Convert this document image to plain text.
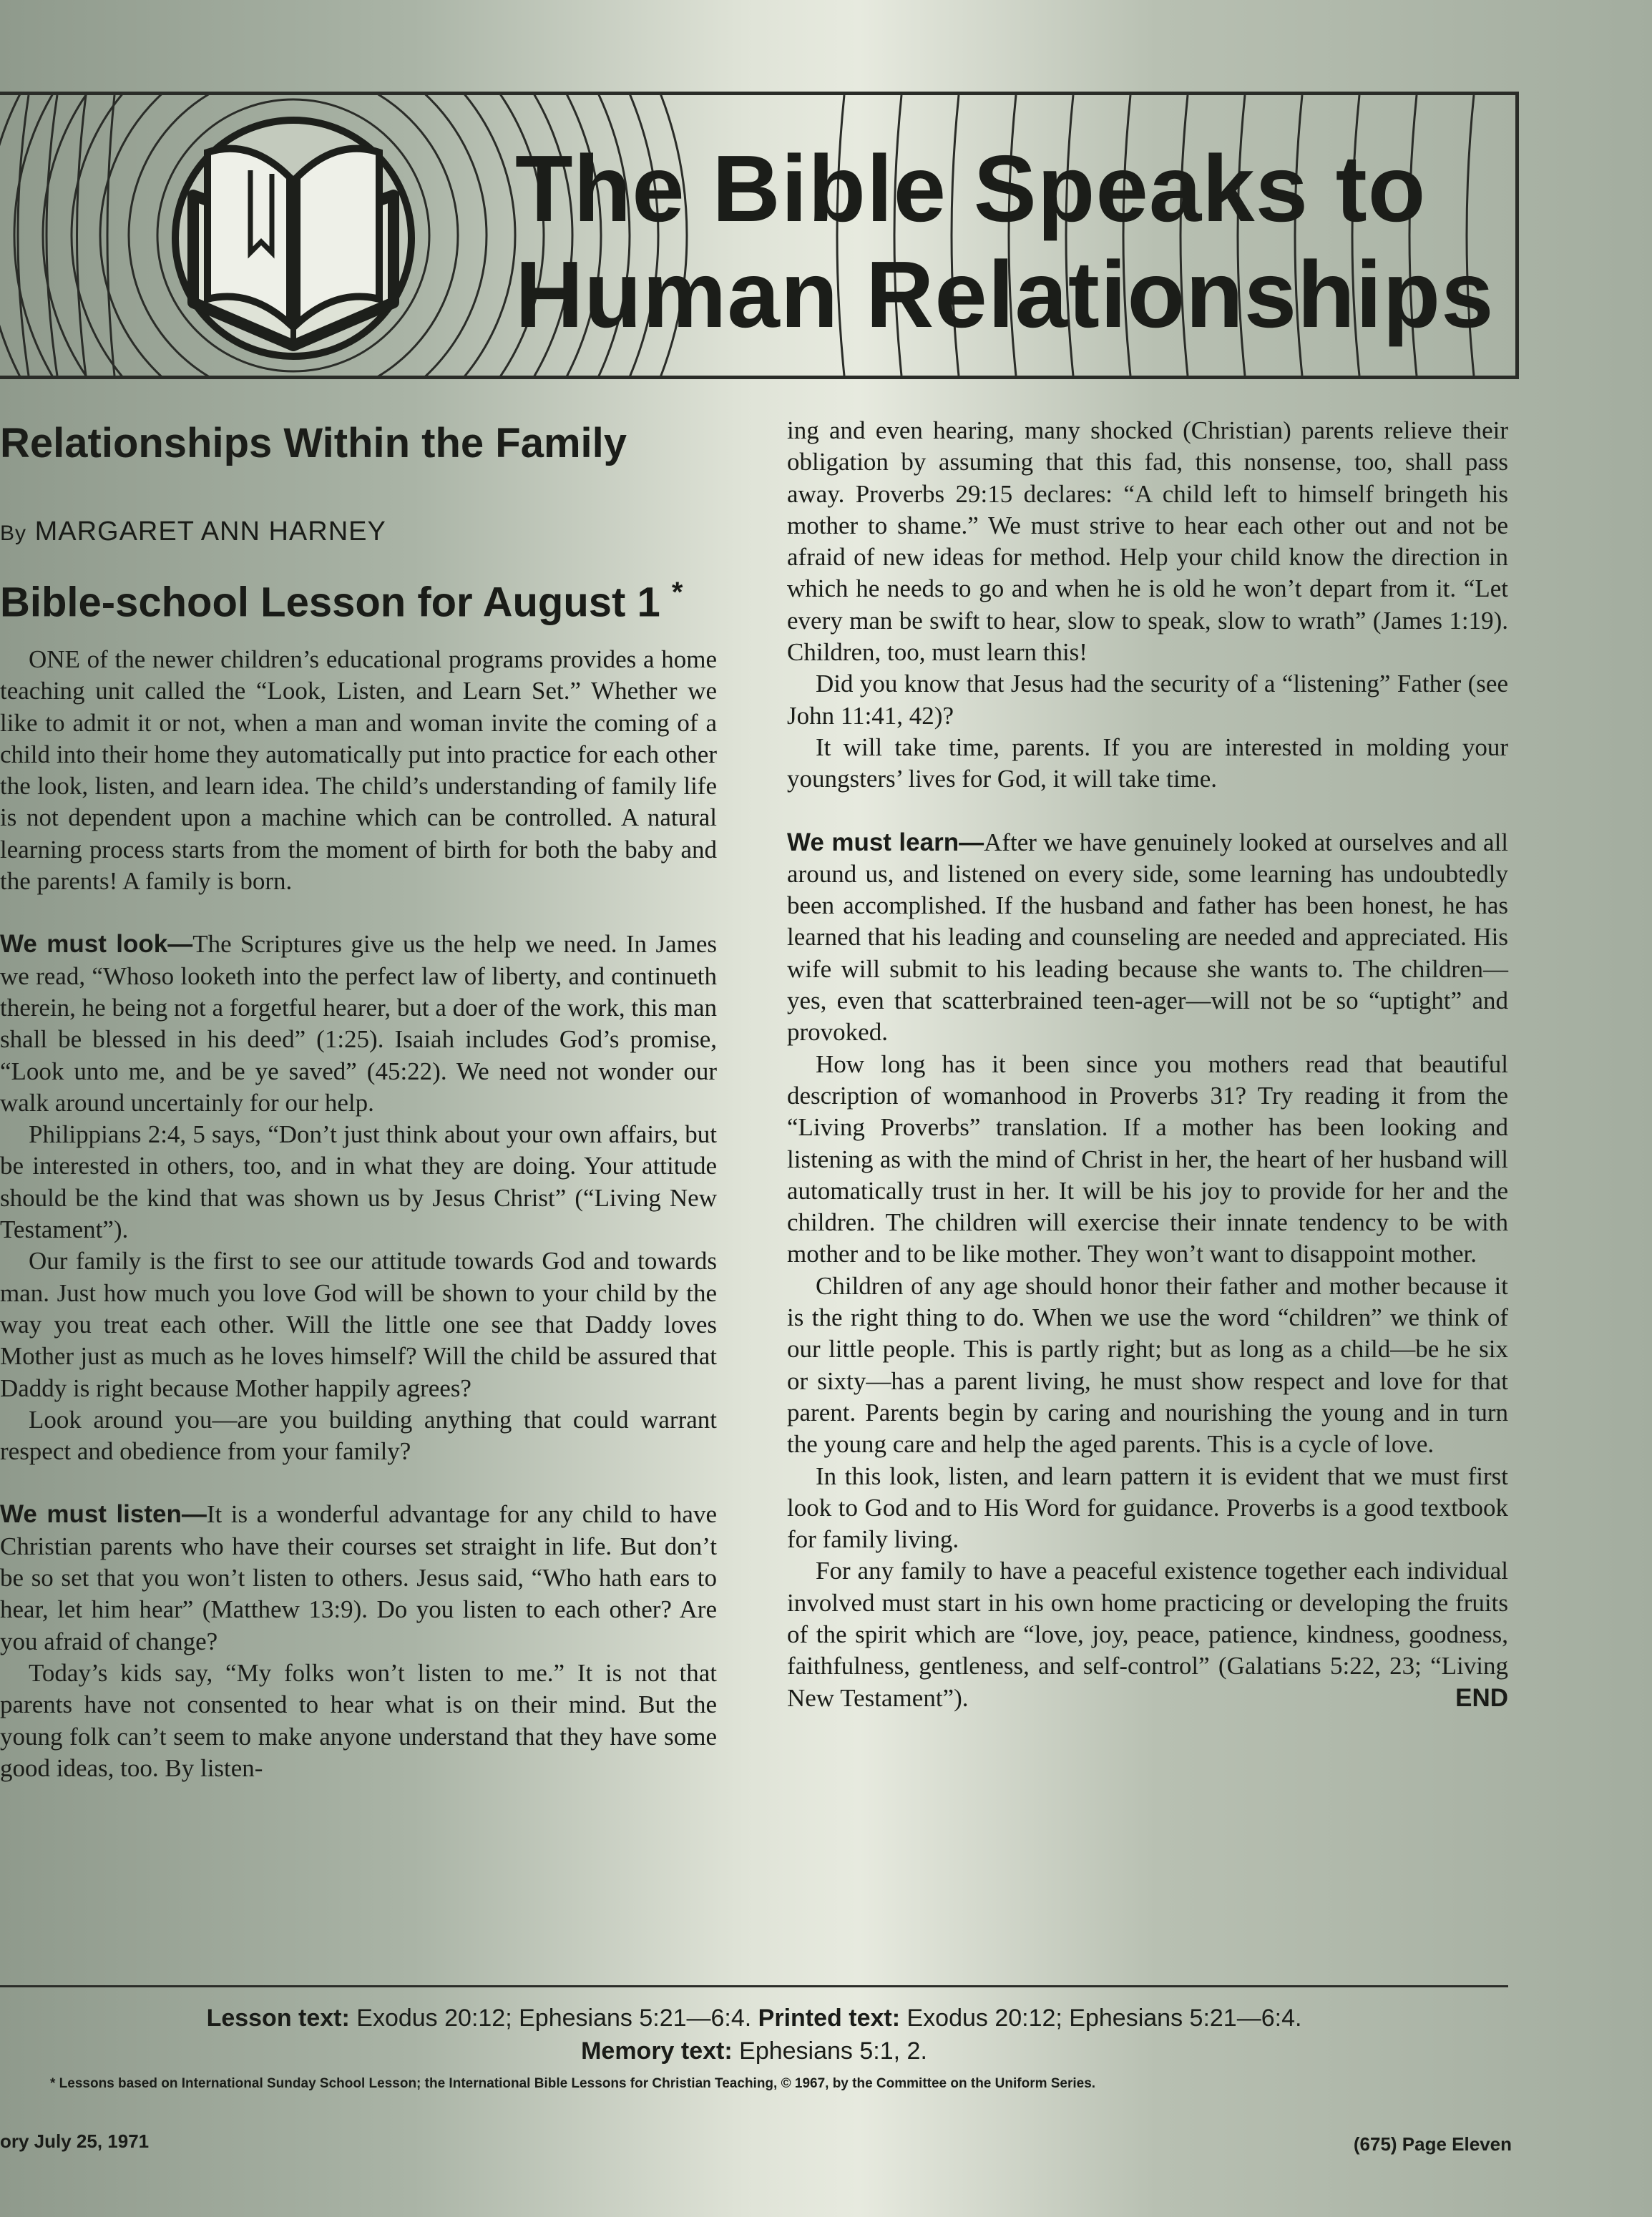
The Bible Speaks to
Human Relationships
Relationships Within the Family
By MARGARET ANN HARNEY
Bible-school Lesson for August 1 *

ONE of the newer children’s educational programs provides a home teaching unit called the “Look, Listen, and Learn Set.” Whether we like to admit it or not, when a man and woman invite the coming of a child into their home they automatically put into practice for each other the look, listen, and learn idea. The child’s understanding of family life is not dependent upon a machine which can be controlled. A natural learning process starts from the moment of birth for both the baby and the parents! A family is born.

We must look—The Scriptures give us the help we need. In James we read, “Whoso looketh into the perfect law of liberty, and continueth therein, he being not a forgetful hearer, but a doer of the work, this man shall be blessed in his deed” (1:25). Isaiah includes God’s promise, “Look unto me, and be ye saved” (45:22). We need not wonder our walk around uncertainly for our help.

Philippians 2:4, 5 says, “Don’t just think about your own affairs, but be interested in others, too, and in what they are doing. Your attitude should be the kind that was shown us by Jesus Christ” (“Living New Testament”).

Our family is the first to see our attitude towards God and towards man. Just how much you love God will be shown to your child by the way you treat each other. Will the little one see that Daddy loves Mother just as much as he loves himself? Will the child be assured that Daddy is right because Mother happily agrees?

Look around you—are you building anything that could warrant respect and obedience from your family?

We must listen—It is a wonderful advantage for any child to have Christian parents who have their courses set straight in life. But don’t be so set that you won’t listen to others. Jesus said, “Who hath ears to hear, let him hear” (Matthew 13:9). Do you listen to each other? Are you afraid of change?

Today’s kids say, “My folks won’t listen to me.” It is not that parents have not consented to hear what is on their mind. But the young folk can’t seem to make anyone understand that they have some good ideas, too. By listen-

ing and even hearing, many shocked (Christian) parents relieve their obligation by assuming that this fad, this nonsense, too, shall pass away. Proverbs 29:15 declares: “A child left to himself bringeth his mother to shame.” We must strive to hear each other out and not be afraid of new ideas for method. Help your child know the direction in which he needs to go and when he is old he won’t depart from it. “Let every man be swift to hear, slow to speak, slow to wrath” (James 1:19). Children, too, must learn this!

Did you know that Jesus had the security of a “listening” Father (see John 11:41, 42)?

It will take time, parents. If you are interested in molding your youngsters’ lives for God, it will take time.

We must learn—After we have genuinely looked at ourselves and all around us, and listened on every side, some learning has undoubtedly been accomplished. If the husband and father has been honest, he has learned that his leading and counseling are needed and appreciated. His wife will submit to his leading because she wants to. The children—yes, even that scatterbrained teen-ager—will not be so “uptight” and provoked.

How long has it been since you mothers read that beautiful description of womanhood in Proverbs 31? Try reading it from the “Living Proverbs” translation. If a mother has been looking and listening as with the mind of Christ in her, the heart of her husband will automatically trust in her. It will be his joy to provide for her and the children. The children will exercise their innate tendency to be with mother and to be like mother. They won’t want to disappoint mother.

Children of any age should honor their father and mother because it is the right thing to do. When we use the word “children” we think of our little people. This is partly right; but as long as a child—be he six or sixty—has a parent living, he must show respect and love for that parent. Parents begin by caring and nourishing the young and in turn the young care and help the aged parents. This is a cycle of love.

In this look, listen, and learn pattern it is evident that we must first look to God and to His Word for guidance. Proverbs is a good textbook for family living.

For any family to have a peaceful existence together each individual involved must start in his own home practicing or developing the fruits of the spirit which are “love, joy, peace, patience, kindness, goodness, faithfulness, gentleness, and self-control” (Galatians 5:22, 23; “Living New Testament”).	END

Lesson text: Exodus 20:12; Ephesians 5:21—6:4. Printed text: Exodus 20:12; Ephesians 5:21—6:4.
Memory text: Ephesians 5:1, 2.
* Lessons based on International Sunday School Lesson; the International Bible Lessons for Christian Teaching, © 1967, by the Committee on the Uniform Series.
ory July 25, 1971	(675) Page Eleven
